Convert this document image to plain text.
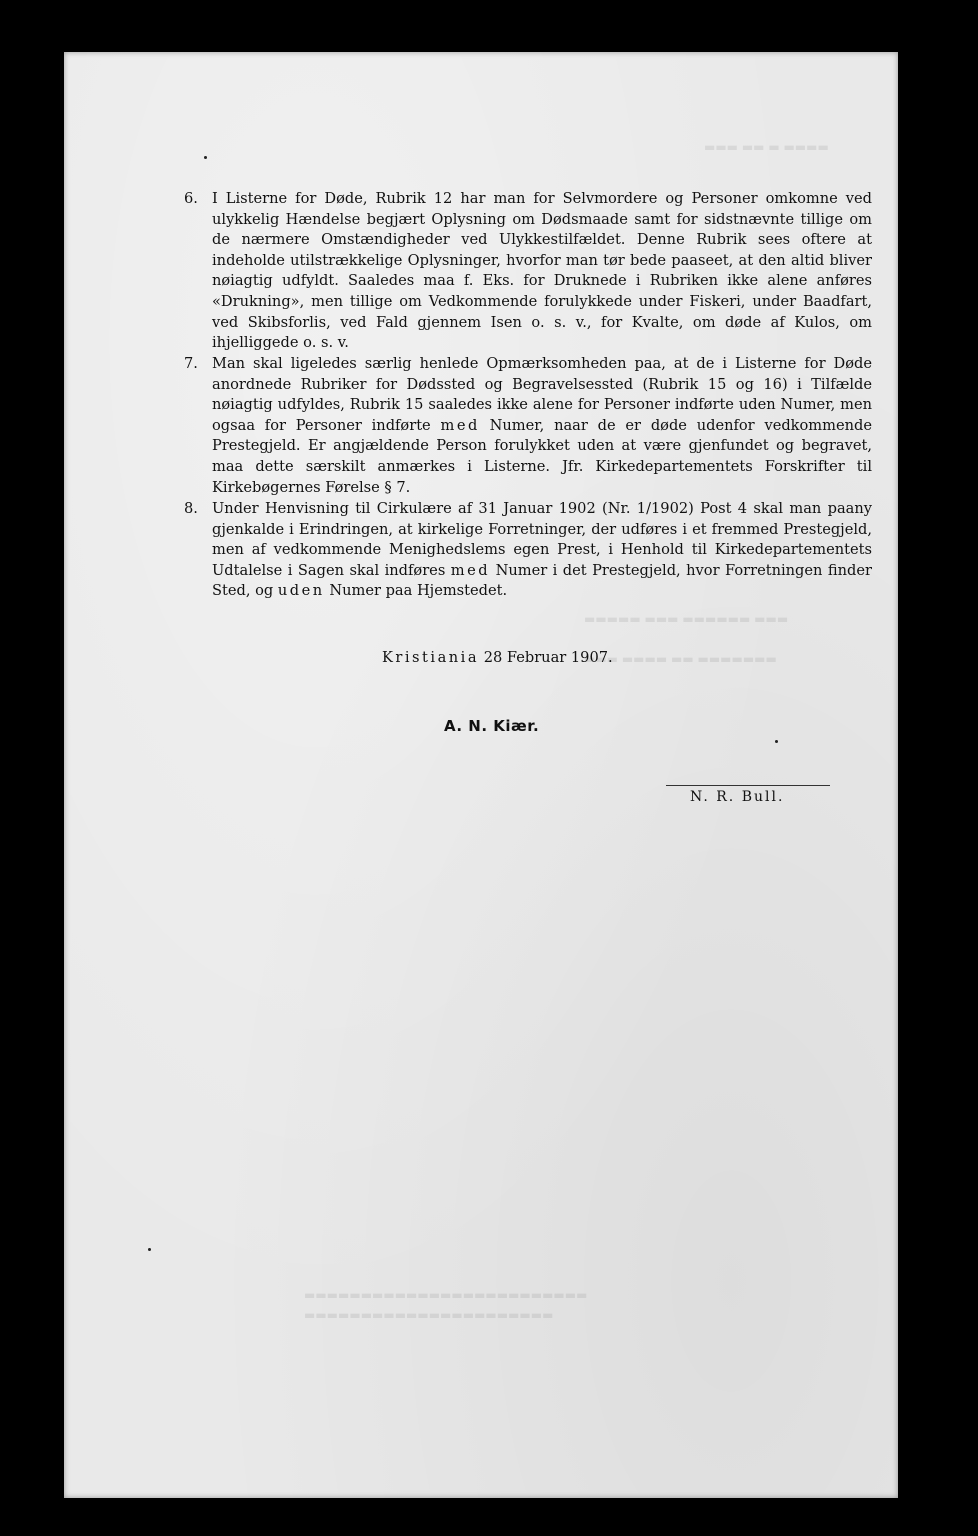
▬▬▬ ▬▬ ▬ ▬▬▬▬
▬▬▬▬▬ ▬▬▬ ▬▬▬▬▬▬ ▬▬▬
▬▬▬ ▬▬▬▬ ▬▬ ▬▬▬▬▬▬▬
▬▬▬▬▬▬▬▬▬▬▬▬▬▬▬▬▬▬▬▬▬▬▬▬▬
▬▬▬▬▬▬▬▬▬▬▬▬▬▬▬▬▬▬▬▬▬▬

6. I Listerne for Døde, Rubrik 12 har man for Selvmordere og Personer omkomne ved ulykkelig Hændelse begjært Oplysning om Dødsmaade samt for sidstnævnte tillige om de nærmere Omstændigheder ved Ulykkestilfældet. Denne Rubrik sees oftere at indeholde utilstrækkelige Oplysninger, hvorfor man tør bede paaseet, at den altid bliver nøiagtig udfyldt. Saaledes maa f. Eks. for Druknede i Rubriken ikke alene anføres «Drukning», men tillige om Vedkommende forulykkede under Fiskeri, under Baadfart, ved Skibsforlis, ved Fald gjennem Isen o. s. v., for Kvalte, om døde af Kulos, om ihjelliggede o. s. v.

7. Man skal ligeledes særlig henlede Opmærksomheden paa, at de i Listerne for Døde anordnede Rubriker for Dødssted og Begravelsessted (Rubrik 15 og 16) i Tilfælde nøiagtig udfyldes, Rubrik 15 saaledes ikke alene for Personer indførte uden Numer, men ogsaa for Personer indførte med Numer, naar de er døde udenfor vedkommende Prestegjeld. Er angjældende Person forulykket uden at være gjenfundet og begravet, maa dette særskilt anmærkes i Listerne. Jfr. Kirkedepartementets Forskrifter til Kirkebøgernes Førelse § 7.

8. Under Henvisning til Cirkulære af 31 Januar 1902 (Nr. 1/1902) Post 4 skal man paany gjenkalde i Erindringen, at kirkelige Forretninger, der udføres i et fremmed Prestegjeld, men af vedkommende Menighedslems egen Prest, i Henhold til Kirkedepartementets Udtalelse i Sagen skal indføres med Numer i det Prestegjeld, hvor Forretningen finder Sted, og uden Numer paa Hjemstedet.

Kristiania 28 Februar 1907.
A. N. Kiær.
N. R. Bull.
